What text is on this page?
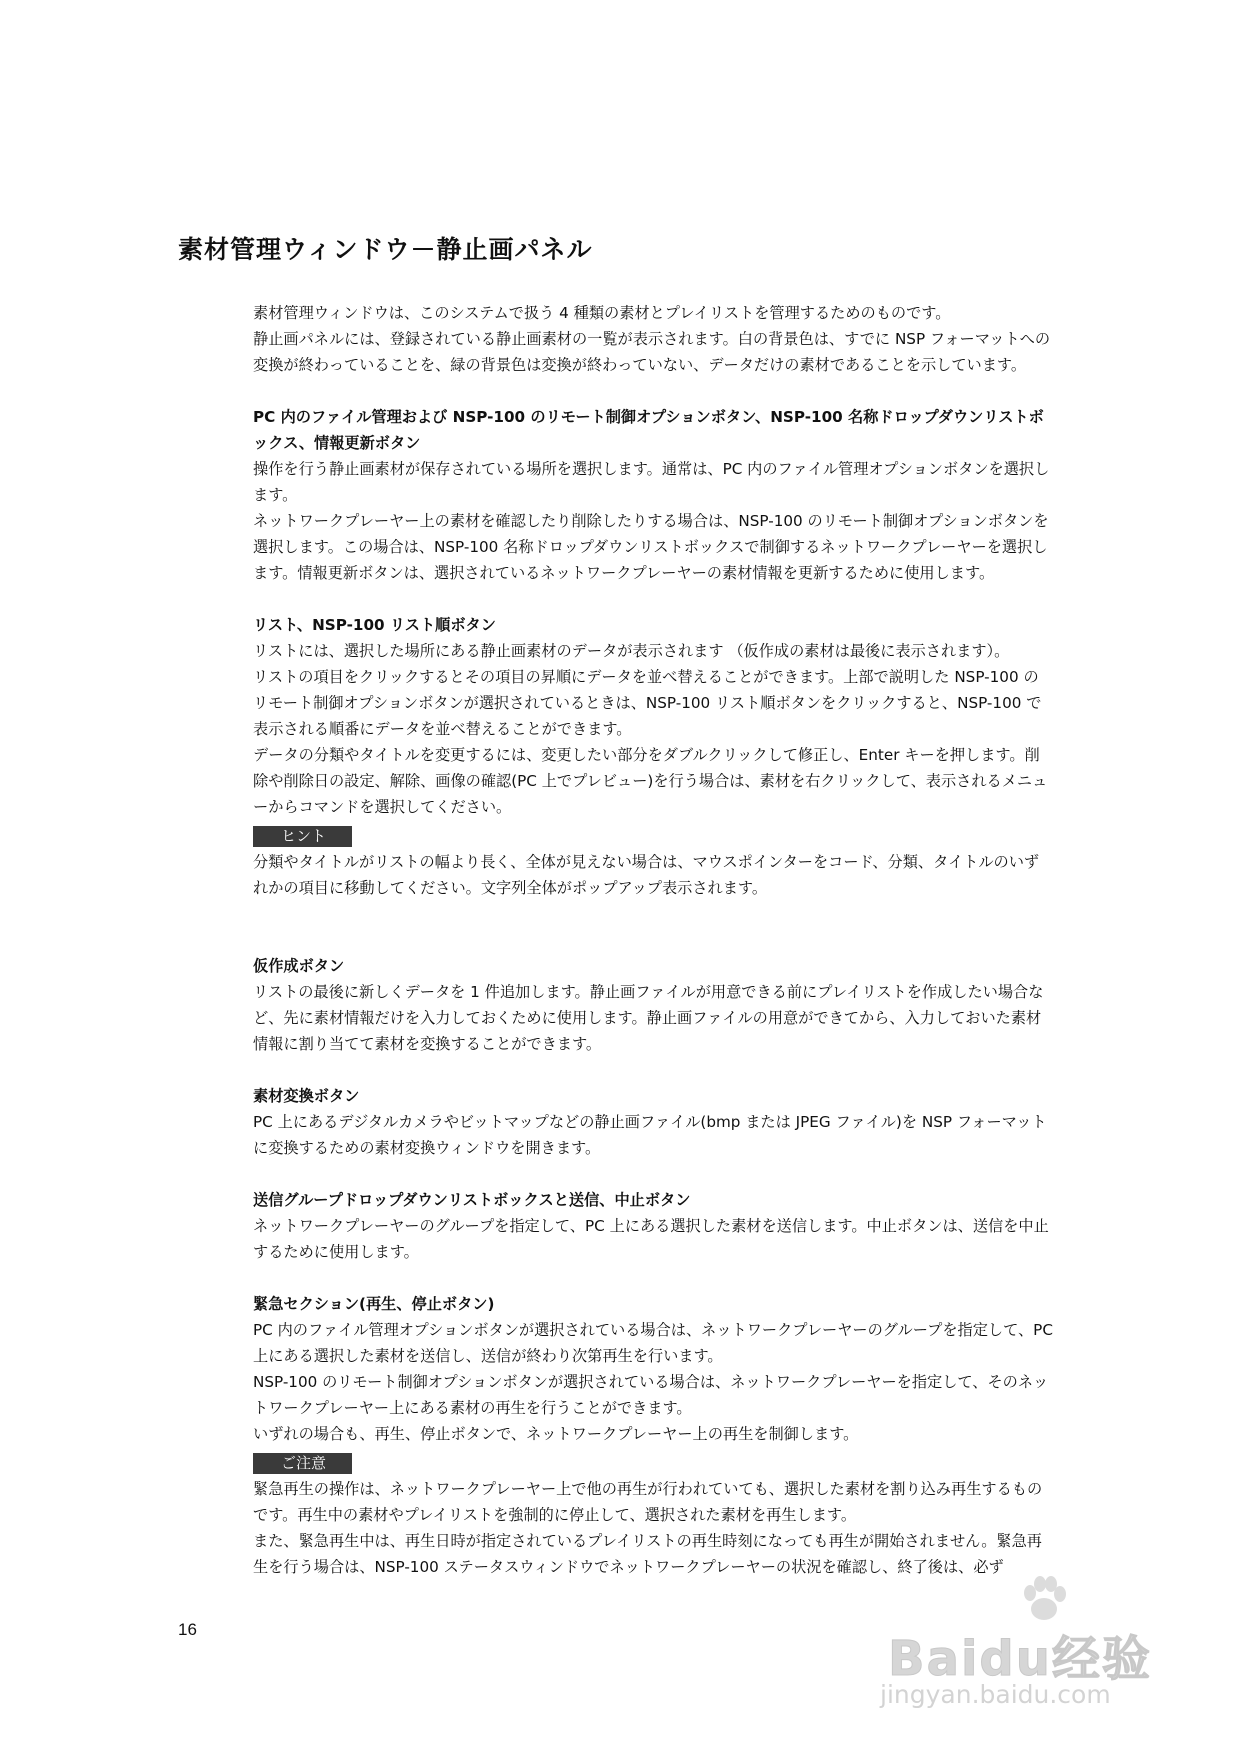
素材管理ウィンドウ－静止画パネル

素材管理ウィンドウは、このシステムで扱う 4 種類の素材とプレイリストを管理するためのものです。

静止画パネルには、登録されている静止画素材の一覧が表示されます。白の背景色は、すでに NSP フォーマットへの変換が終わっていることを、緑の背景色は変換が終わっていない、データだけの素材であることを示しています。

PC 内のファイル管理および NSP-100 のリモート制御オプションボタン、NSP-100 名称ドロップダウンリストボックス、情報更新ボタン

操作を行う静止画素材が保存されている場所を選択します。通常は、PC 内のファイル管理オプションボタンを選択します。

ネットワークプレーヤー上の素材を確認したり削除したりする場合は、NSP-100 のリモート制御オプションボタンを選択します。この場合は、NSP-100 名称ドロップダウンリストボックスで制御するネットワークプレーヤーを選択します。情報更新ボタンは、選択されているネットワークプレーヤーの素材情報を更新するために使用します。

リスト、NSP-100 リスト順ボタン

リストには、選択した場所にある静止画素材のデータが表示されます （仮作成の素材は最後に表示されます）。

リストの項目をクリックするとその項目の昇順にデータを並べ替えることができます。上部で説明した NSP-100 のリモート制御オプションボタンが選択されているときは、NSP-100 リスト順ボタンをクリックすると、NSP-100 で表示される順番にデータを並べ替えることができます。

データの分類やタイトルを変更するには、変更したい部分をダブルクリックして修正し、Enter キーを押します。削除や削除日の設定、解除、画像の確認(PC 上でプレビュー)を行う場合は、素材を右クリックして、表示されるメニューからコマンドを選択してください。

ヒント

分類やタイトルがリストの幅より長く、全体が見えない場合は、マウスポインターをコード、分類、タイトルのいずれかの項目に移動してください。文字列全体がポップアップ表示されます。

仮作成ボタン

リストの最後に新しくデータを 1 件追加します。静止画ファイルが用意できる前にプレイリストを作成したい場合など、先に素材情報だけを入力しておくために使用します。静止画ファイルの用意ができてから、入力しておいた素材情報に割り当てて素材を変換することができます。

素材変換ボタン

PC 上にあるデジタルカメラやビットマップなどの静止画ファイル(bmp または JPEG ファイル)を NSP フォーマットに変換するための素材変換ウィンドウを開きます。

送信グループドロップダウンリストボックスと送信、中止ボタン

ネットワークプレーヤーのグループを指定して、PC 上にある選択した素材を送信します。中止ボタンは、送信を中止するために使用します。

緊急セクション(再生、停止ボタン)

PC 内のファイル管理オプションボタンが選択されている場合は、ネットワークプレーヤーのグループを指定して、PC 上にある選択した素材を送信し、送信が終わり次第再生を行います。

NSP-100 のリモート制御オプションボタンが選択されている場合は、ネットワークプレーヤーを指定して、そのネットワークプレーヤー上にある素材の再生を行うことができます。

いずれの場合も、再生、停止ボタンで、ネットワークプレーヤー上の再生を制御します。

ご注意

緊急再生の操作は、ネットワークプレーヤー上で他の再生が行われていても、選択した素材を割り込み再生するものです。再生中の素材やプレイリストを強制的に停止して、選択された素材を再生します。

また、緊急再生中は、再生日時が指定されているプレイリストの再生時刻になっても再生が開始されません。緊急再生を行う場合は、NSP-100 ステータスウィンドウでネットワークプレーヤーの状況を確認し、終了後は、必ず

16
Baidu经验
jingyan.baidu.com
